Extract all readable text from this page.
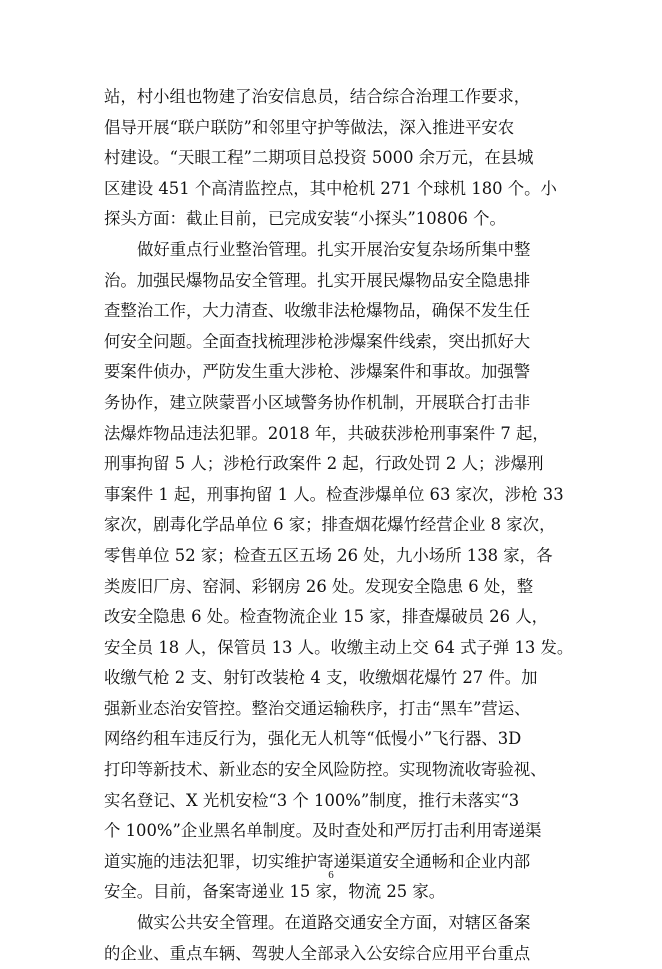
站，村小组也物建了治安信息员，结合综合治理工作要求，
倡导开展“联户联防”和邻里守护等做法，深入推进平安农
村建设。“天眼工程”二期项目总投资 5000 余万元，在县城
区建设 451 个高清监控点，其中枪机 271 个球机 180 个。小
探头方面：截止目前，已完成安装“小探头”10806 个。
做好重点行业整治管理。扎实开展治安复杂场所集中整
治。加强民爆物品安全管理。扎实开展民爆物品安全隐患排
查整治工作，大力清查、收缴非法枪爆物品，确保不发生任
何安全问题。全面查找梳理涉枪涉爆案件线索，突出抓好大
要案件侦办，严防发生重大涉枪、涉爆案件和事故。加强警
务协作，建立陕蒙晋小区域警务协作机制，开展联合打击非
法爆炸物品违法犯罪。2018 年，共破获涉枪刑事案件 7 起，
刑事拘留 5 人；涉枪行政案件 2 起，行政处罚 2 人；涉爆刑
事案件 1 起，刑事拘留 1 人。检查涉爆单位 63 家次，涉枪 33
家次，剧毒化学品单位 6 家；排查烟花爆竹经营企业 8 家次，
零售单位 52 家；检查五区五场 26 处，九小场所 138 家，各
类废旧厂房、窑洞、彩钢房 26 处。发现安全隐患 6 处，整
改安全隐患 6 处。检查物流企业 15 家，排查爆破员 26 人，
安全员 18 人，保管员 13 人。收缴主动上交 64 式子弹 13 发。
收缴气枪 2 支、射钉改装枪 4 支，收缴烟花爆竹 27 件。加
强新业态治安管控。整治交通运输秩序，打击“黑车”营运、
网络约租车违反行为，强化无人机等“低慢小”飞行器、3D
打印等新技术、新业态的安全风险防控。实现物流收寄验视、
实名登记、X 光机安检“3 个 100%”制度，推行未落实“3
个 100%”企业黑名单制度。及时查处和严厉打击利用寄递渠
道实施的违法犯罪，切实维护寄递渠道安全通畅和企业内部
安全。目前，备案寄递业 15 家，物流 25 家。
做实公共安全管理。在道路交通安全方面，对辖区备案
的企业、重点车辆、驾驶人全部录入公安综合应用平台重点
6
